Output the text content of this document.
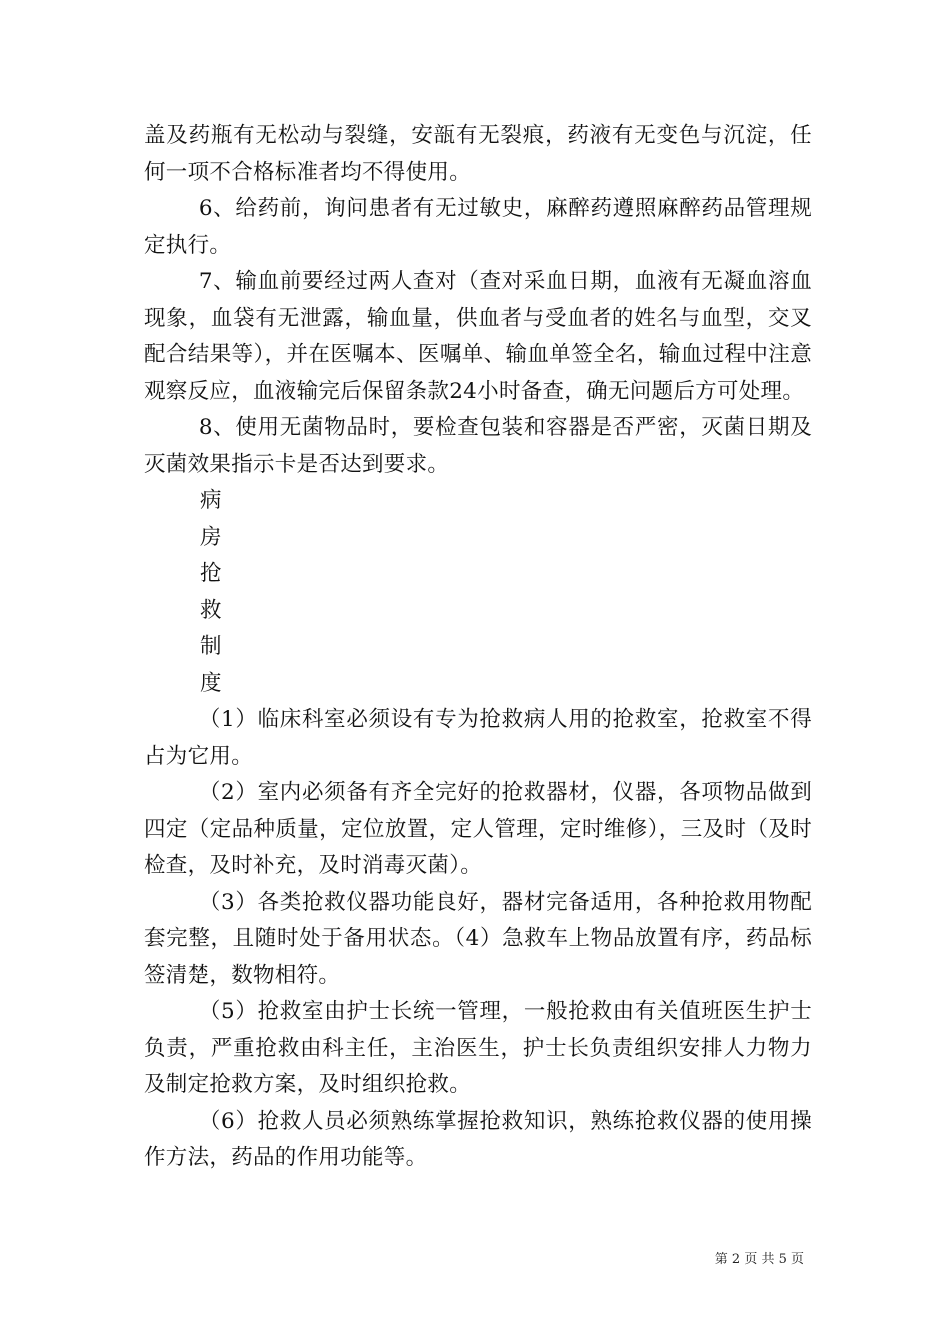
盖及药瓶有无松动与裂缝，安瓿有无裂痕，药液有无变色与沉淀，任何一项不合格标准者均不得使用。

6、给药前，询问患者有无过敏史，麻醉药遵照麻醉药品管理规定执行。

7、输血前要经过两人查对（查对采血日期，血液有无凝血溶血现象，血袋有无泄露，输血量，供血者与受血者的姓名与血型，交叉配合结果等），并在医嘱本、医嘱单、输血单签全名，输血过程中注意观察反应，血液输完后保留条款24小时备查，确无问题后方可处理。

8、使用无菌物品时，要检查包装和容器是否严密，灭菌日期及灭菌效果指示卡是否达到要求。

病
房
抢
救
制
度

（1）临床科室必须设有专为抢救病人用的抢救室，抢救室不得占为它用。

（2）室内必须备有齐全完好的抢救器材，仪器，各项物品做到四定（定品种质量，定位放置，定人管理，定时维修），三及时（及时检查，及时补充，及时消毒灭菌）。

（3）各类抢救仪器功能良好，器材完备适用，各种抢救用物配套完整，且随时处于备用状态。（4）急救车上物品放置有序，药品标签清楚，数物相符。

（5）抢救室由护士长统一管理，一般抢救由有关值班医生护士负责，严重抢救由科主任，主治医生，护士长负责组织安排人力物力及制定抢救方案，及时组织抢救。

（6）抢救人员必须熟练掌握抢救知识，熟练抢救仪器的使用操作方法，药品的作用功能等。

第 2 页 共 5 页
